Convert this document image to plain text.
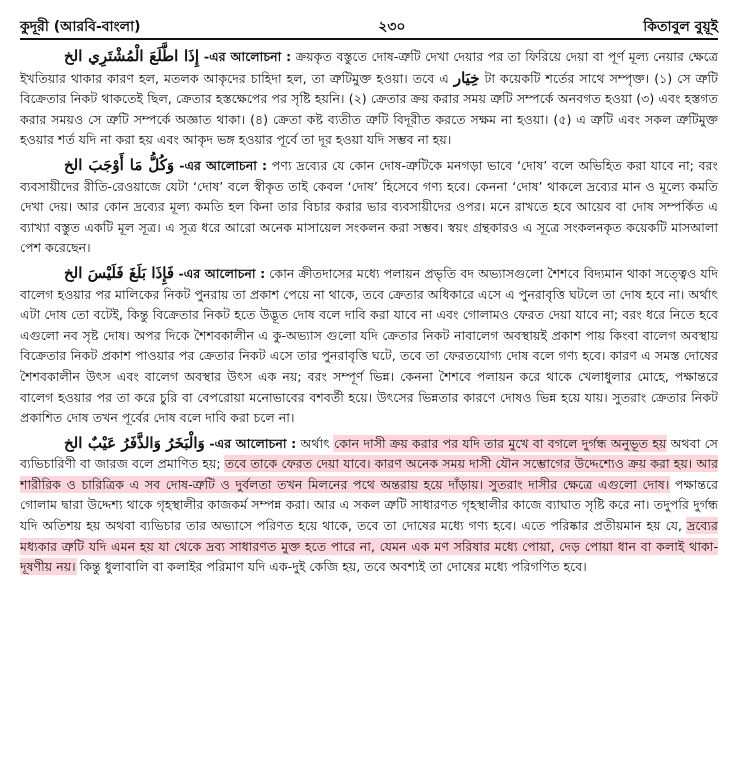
কুদূরী (আরবি-বাংলা)	২৩০	কিতাবুল বুয়ূই

إِذَا اطَّلَعَ الْمُشْتَرِي الخ -এর আলোচনা : ক্রয়কৃত বস্তুতে দোষ-ত্রুটি দেখা দেয়ার পর তা ফিরিয়ে দেয়া বা পূর্ণ মূল্য নেয়ার ক্ষেত্রে ইখতিয়ার থাকার কারণ হল, মতলক আকৃদের চাহিদা হল, তা ত্রুটিমুক্ত হওয়া। তবে এ خِيَار টা কয়েকটি শর্তের সাথে সম্পৃক্ত। (১) সে ত্রুটি বিক্রেতার নিকট থাকতেই ছিল, ক্রেতার হস্তক্ষেপের পর সৃষ্টি হয়নি। (২) ক্রেতার ক্রয় করার সময় ত্রুটি সম্পর্কে অনবগত হওয়া (৩) এবং হস্তগত করার সময়ও সে ত্রুটি সম্পর্কে অজ্ঞাত থাকা। (৪) ক্রেতা কষ্ট ব্যতীত ত্রুটি বিদূরীত করতে সক্ষম না হওয়া। (৫) এ ত্রুটি এবং সকল ত্রুটিমুক্ত হওয়ার শর্ত যদি না করা হয় এবং আকৃদ ভঙ্গ হওয়ার পূর্বে তা দূর হওয়া যদি সম্ভব না হয়।

وَكُلُّ مَا أَوْجَبَ الخ -এর আলোচনা : পণ্য দ্রব্যের যে কোন দোষ-ত্রুটিকে মনগড়া ভাবে ‘দোষ’ বলে অভিহিত করা যাবে না; বরং ব্যবসায়ীদের রীতি-রেওয়াজে যেটা ‘দোষ’ বলে স্বীকৃত তাই কেবল ‘দোষ’ হিসেবে গণ্য হবে। কেননা ‘দোষ’ থাকলে দ্রব্যের মান ও মূল্যে কমতি দেখা দেয়। আর কোন দ্রব্যের মূল্য কমতি হল কিনা তার বিচার করার ভার ব্যবসায়ীদের ওপর। মনে রাখতে হবে আয়েব বা দোষ সম্পর্কিত এ ব্যাখ্যা বস্তুত একটি মূল সূত্র। এ সূত্র ধরে আরো অনেক মাসায়েল সংকলন করা সম্ভব। স্বয়ং গ্রন্থকারও এ সূত্রে সংকলনকৃত কয়েকটি মাসআলা পেশ করেছেন।

فَإِذَا بَلَغَ فَلَيْسَ الخ -এর আলোচনা : কোন ক্রীতদাসের মধ্যে পলায়ন প্রভৃতি বদ অভ্যাসগুলো শৈশবে বিদ্যমান থাকা সত্ত্বেও যদি বালেগ হওয়ার পর মালিকের নিকট পুনরায় তা প্রকাশ পেয়ে না থাকে, তবে ক্রেতার অধিকারে এসে এ পুনরাবৃত্তি ঘটলে তা দোষ হবে না। অর্থাৎ এটা দোষ তো বটেই, কিন্তু বিক্রেতার নিকট হতে উদ্ভূত দোষ বলে দাবি করা যাবে না এবং গোলামও ফেরত দেয়া যাবে না; বরং ধরে নিতে হবে এগুলো নব সৃষ্ট দোষ। অপর দিকে শৈশবকালীন এ কু-অভ্যাস গুলো যদি ক্রেতার নিকট নাবালেগ অবস্থায়ই প্রকাশ পায় কিংবা বালেগ অবস্থায় বিক্রেতার নিকট প্রকাশ পাওয়ার পর ক্রেতার নিকট এসে তার পুনরাবৃত্তি ঘটে, তবে তা ফেরতযোগ্য দোষ বলে গণ্য হবে। কারণ এ সমস্ত দোষের শৈশবকালীন উৎস এবং বালেগ অবস্থার উৎস এক নয়; বরং সম্পূর্ণ ভিন্ন। কেননা শৈশবে পলায়ন করে থাকে খেলাধুলার মোহে, পক্ষান্তরে বালেগ হওয়ার পর তা করে চুরি বা বেপরোয়া মনোভাবের বশবর্তী হয়ে। উৎসের ভিন্নতার কারণে দোষও ভিন্ন হয়ে যায়। সুতরাং ক্রেতার নিকট প্রকাশিত দোষ তখন পূর্বের দোষ বলে দাবি করা চলে না।

وَالْبَخَرُ وَالذَّفَرُ عَيْبٌ الخ -এর আলোচনা : অর্থাৎ কোন দাসী ক্রয় করার পর যদি তার মুখে বা বগলে দুর্গন্ধ অনুভূত হয় অথবা সে ব্যভিচারিণী বা জারজ বলে প্রমাণিত হয়; তবে তাকে ফেরত দেয়া যাবে। কারণ অনেক সময় দাসী যৌন সম্ভোগের উদ্দেশ্যেও ক্রয় করা হয়। আর শারীরিক ও চারিত্রিক এ সব দোষ-ত্রুটি ও দুর্বলতা তখন মিলনের পথে অন্তরায় হয়ে দাঁড়ায়। সুতরাং দাসীর ক্ষেত্রে এগুলো দোষ। পক্ষান্তরে গোলাম দ্বারা উদ্দেশ্য থাকে গৃহস্থালীর কাজকর্ম সম্পন্ন করা। আর এ সকল ত্রুটি সাধারণত গৃহস্থালীর কাজে ব্যাঘাত সৃষ্টি করে না। তদুপরি দুর্গন্ধ যদি অতিশয় হয় অথবা ব্যভিচার তার অভ্যাসে পরিণত হয়ে থাকে, তবে তা দোষের মধ্যে গণ্য হবে। এতে পরিষ্কার প্রতীয়মান হয় যে, দ্রব্যের মধ্যকার ত্রুটি যদি এমন হয় যা থেকে দ্রব্য সাধারণত মুক্ত হতে পারে না, যেমন এক মণ সরিষার মধ্যে পোয়া, দেড় পোয়া ধান বা কলাই থাকা- দূষণীয় নয়। কিন্তু ধুলাবালি বা কলাইর পরিমাণ যদি এক-দুই কেজি হয়, তবে অবশ্যই তা দোষের মধ্যে পরিগণিত হবে।
